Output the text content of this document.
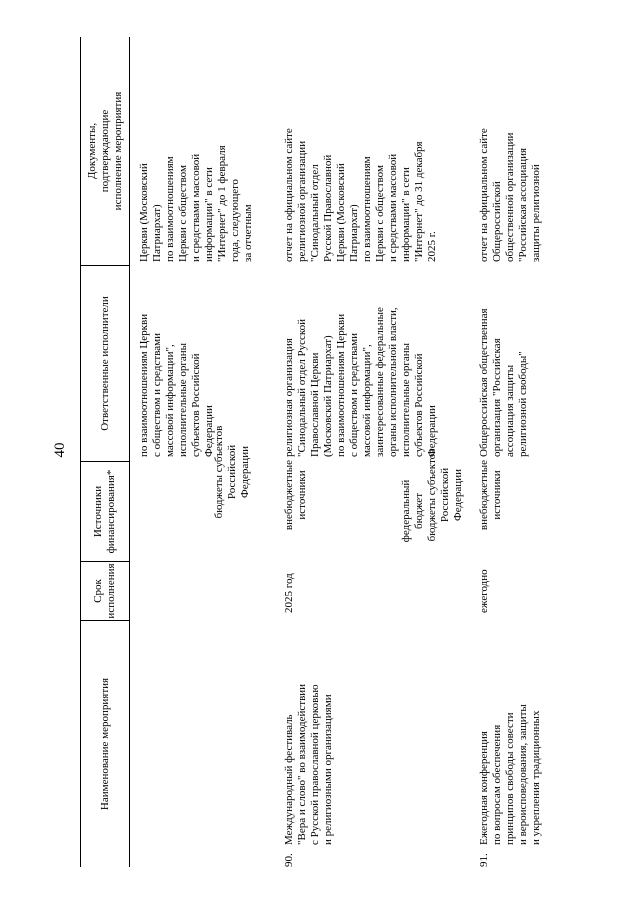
40
Наименование мероприятия
Срок
исполнения
Источники
финансирования*
Ответственные исполнители
Документы,
подтверждающие
исполнение мероприятия
бюджеты субъектов
Российской
Федерации
по взаимоотношениям Церкви
с обществом и средствами
массовой информации",
исполнительные органы
субъектов Российской
Федерации
Церкви (Московский
Патриархат)
по взаимоотношениям
Церкви с обществом
и средствами массовой
информации" в сети
"Интернет" до 1 февраля
года, следующего
за отчетным
90.
Международный фестиваль
"Вера и слово" во взаимодействии
с Русской православной церковью
и религиозными организациями
2025 год
внебюджетные
источники	федеральный бюджет бюджеты субъектов
Российской
Федерации
религиозная организация
"Синодальный отдел Русской
Православной Церкви
(Московский Патриархат)
по взаимоотношениям Церкви
с обществом и средствами
массовой информации",
заинтересованные федеральные
органы исполнительной власти,
исполнительные органы
субъектов Российской
Федерации
отчет на официальном сайте
религиозной организации
"Синодальный отдел
Русской Православной
Церкви (Московский
Патриархат)
по взаимоотношениям
Церкви с обществом
и средствами массовой
информации" в сети
"Интернет" до 31 декабря
2025 г.
91.
Ежегодная конференция
по вопросам обеспечения
принципов свободы совести
и вероисповедования, защиты
и укрепления традиционных
ежегодно
внебюджетные
источники
Общероссийская общественная
организация "Российская
ассоциация защиты
религиозной свободы"
отчет на официальном сайте
Общероссийской
общественной организации
"Российская ассоциация
защиты религиозной
